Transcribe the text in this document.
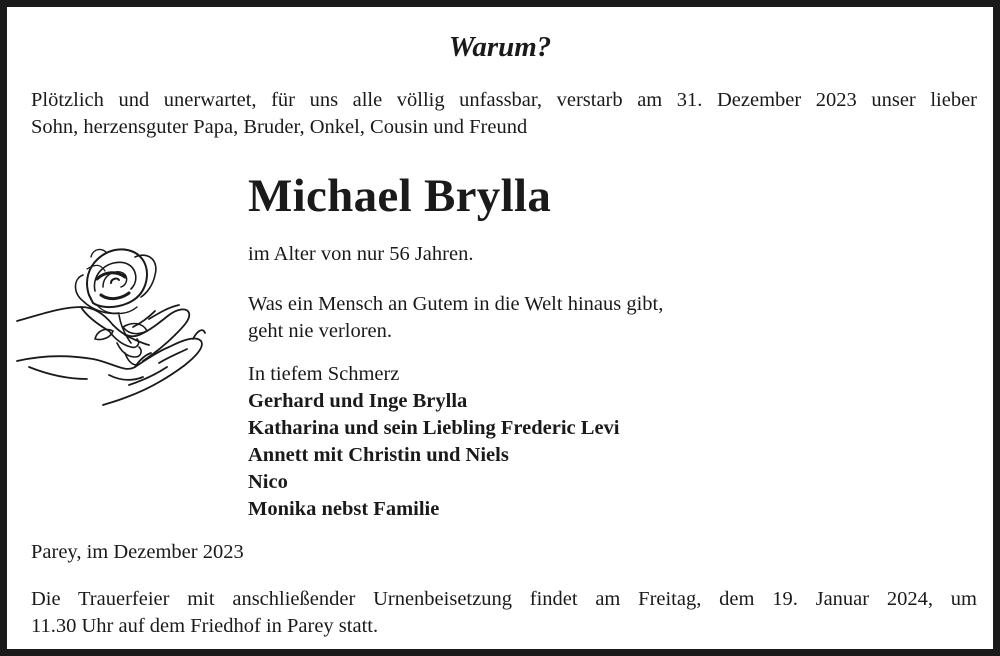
Warum?
Plötzlich und unerwartet, für uns alle völlig unfassbar, verstarb am 31. Dezember 2023 unser lieber
Sohn, herzensguter Papa, Bruder, Onkel, Cousin und Freund
Michael Brylla
im Alter von nur 56 Jahren.
Was ein Mensch an Gutem in die Welt hinaus gibt,
geht nie verloren.
In tiefem Schmerz
Gerhard und Inge Brylla
Katharina und sein Liebling Frederic Levi
Annett mit Christin und Niels
Nico
Monika nebst Familie
Parey, im Dezember 2023
Die Trauerfeier mit anschließender Urnenbeisetzung findet am Freitag, dem 19. Januar 2024, um
11.30 Uhr auf dem Friedhof in Parey statt.
